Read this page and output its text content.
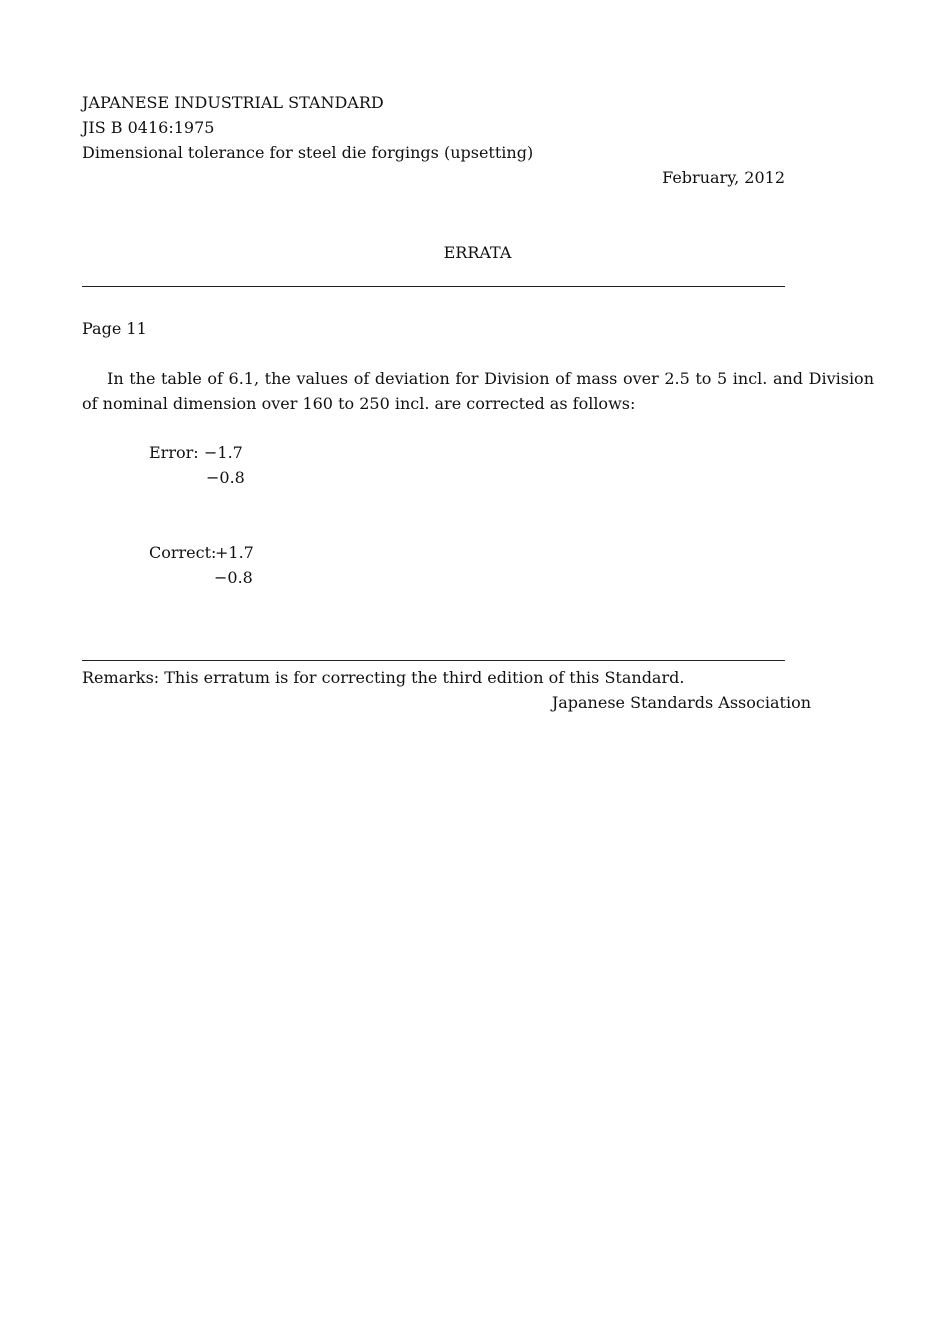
JAPANESE INDUSTRIAL STANDARD
JIS B 0416:1975
Dimensional tolerance for steel die forgings (upsetting)
February, 2012
ERRATA
Page 11
In the table of 6.1, the values of deviation for Division of mass over 2.5 to 5 incl. and Division of nominal dimension over 160 to 250 incl. are corrected as follows:
Error: −1.7
−0.8
Correct:
+1.7
−0.8
Remarks: This erratum is for correcting the third edition of this Standard.
Japanese Standards Association
